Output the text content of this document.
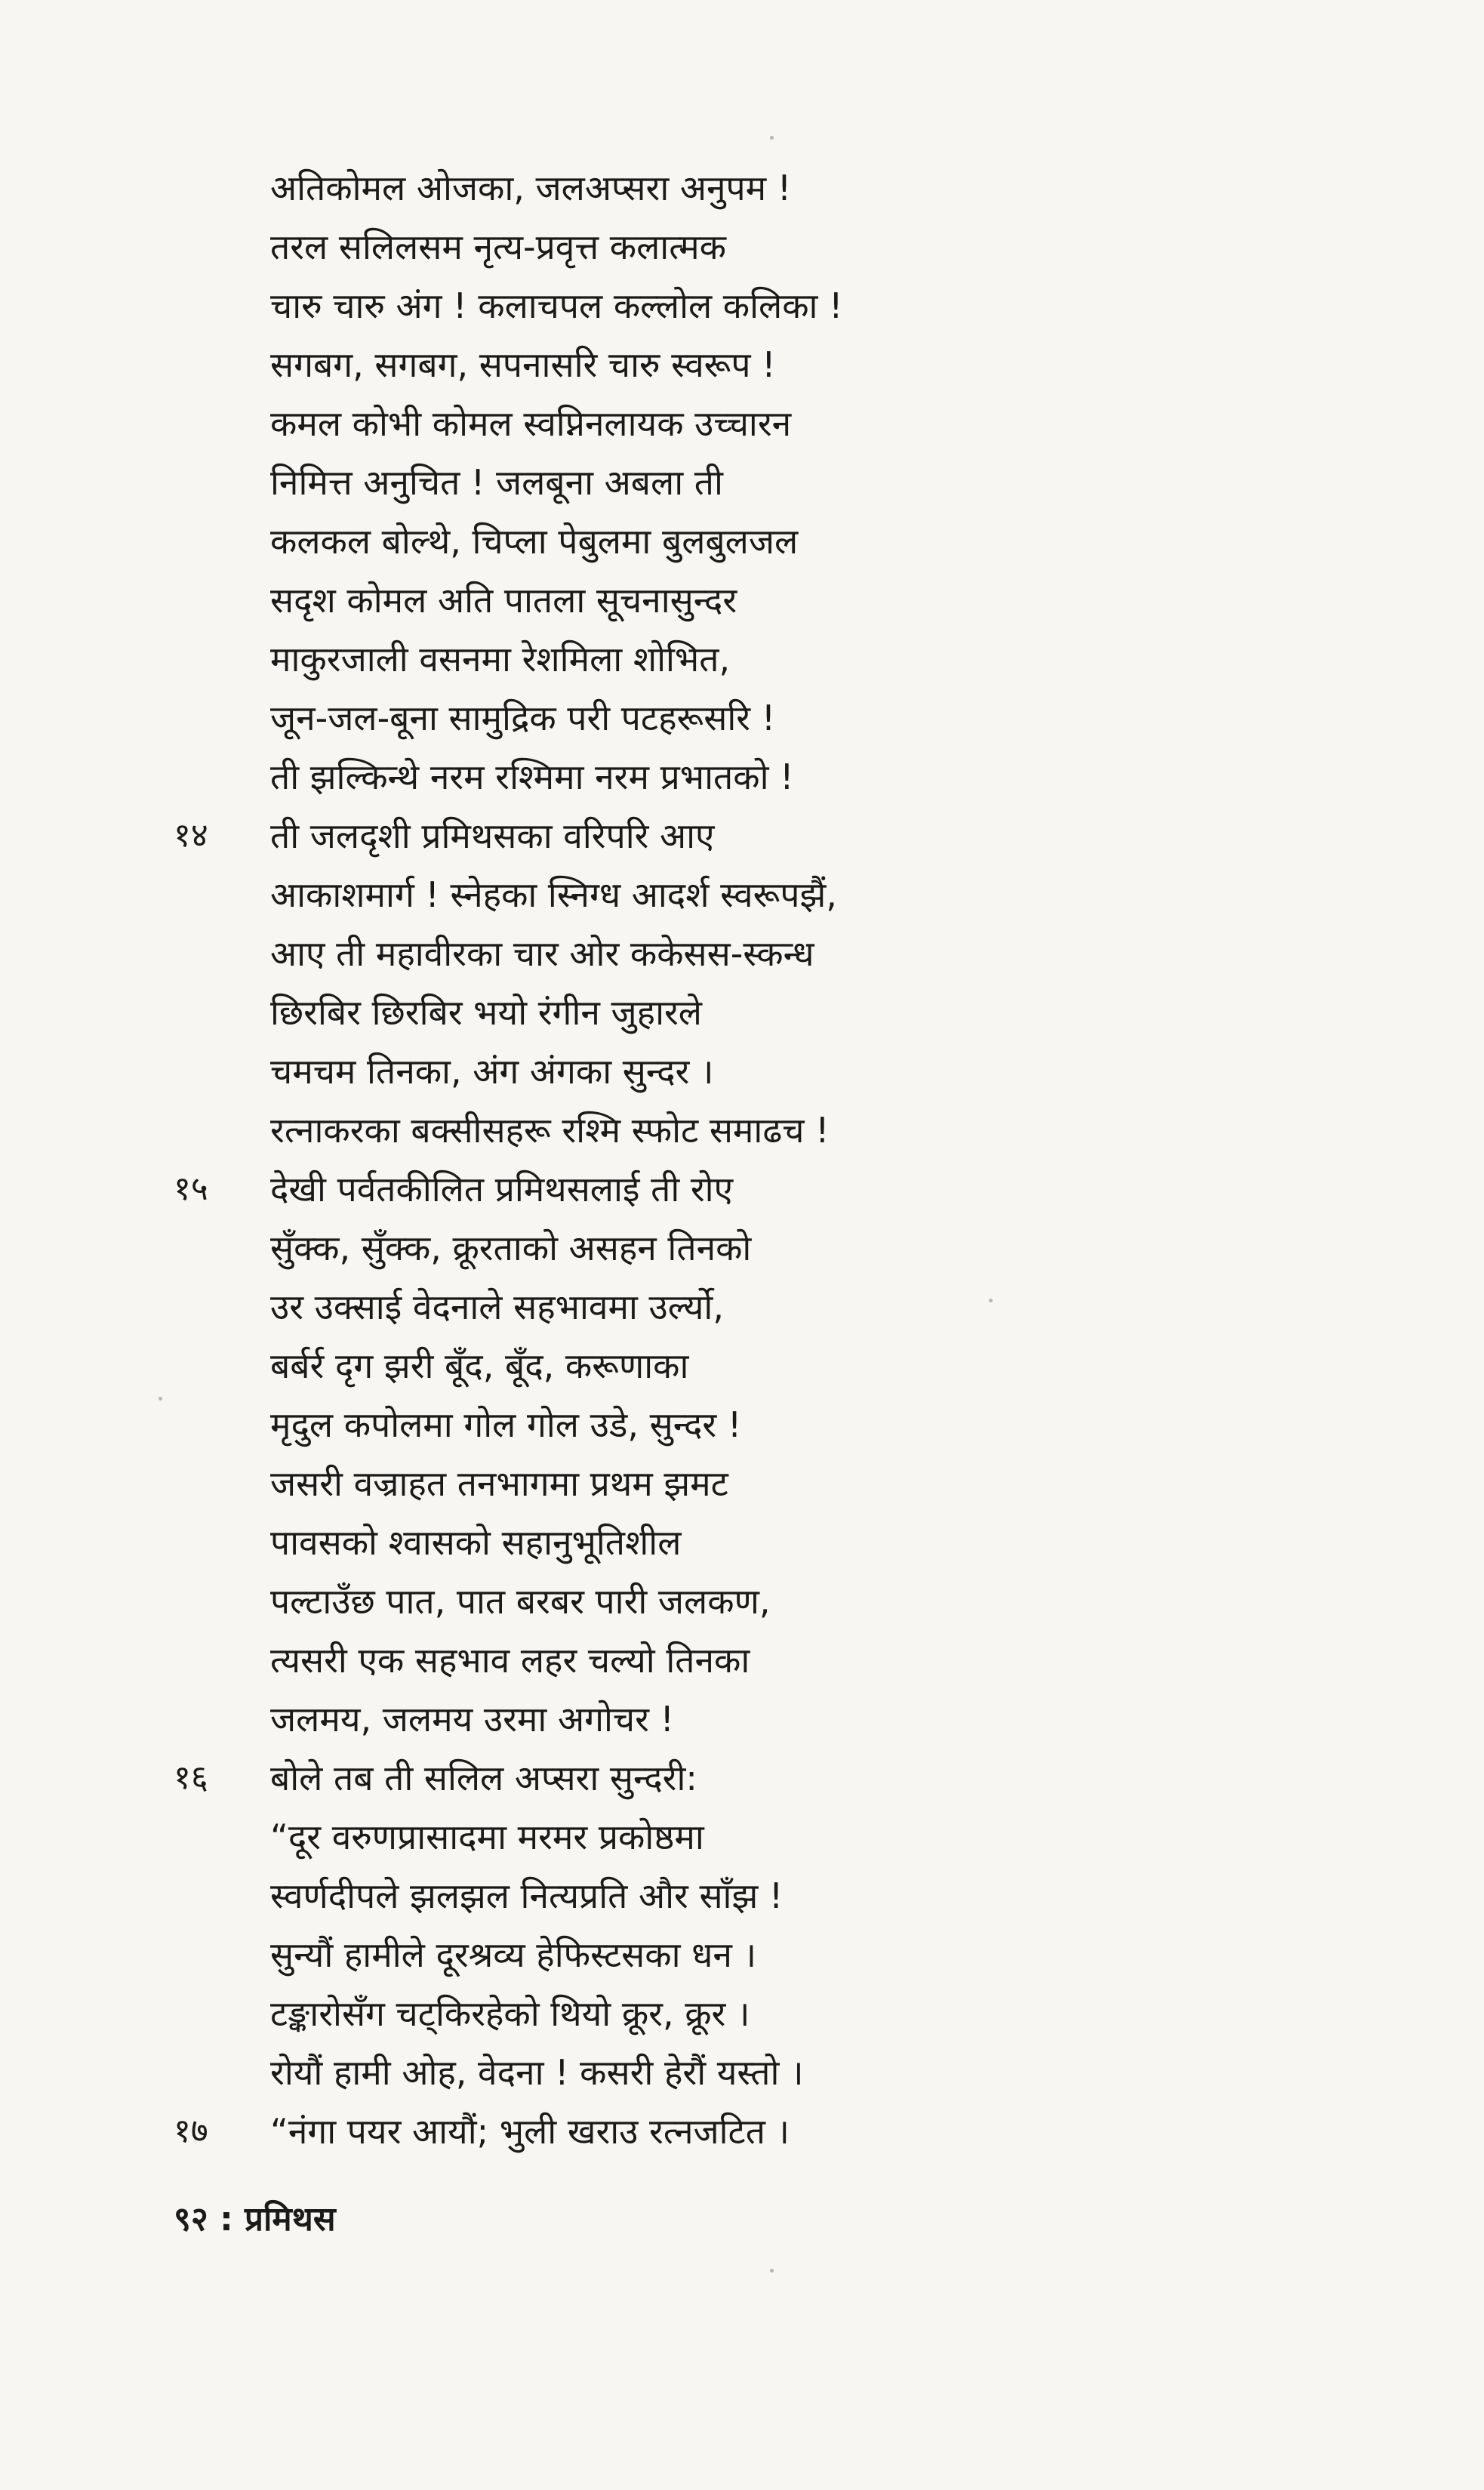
अतिकोमल ओजका, जलअप्सरा अनुपम !
तरल सलिलसम नृत्य-प्रवृत्त कलात्मक
चारु चारु अंग ! कलाचपल कल्लोल कलिका !
सगबग, सगबग, सपनासरि चारु स्वरूप !
कमल कोभी कोमल स्वप्निनलायक उच्चारन
निमित्त अनुचित ! जलबूना अबला ती
कलकल बोल्थे, चिप्ला पेबुलमा बुलबुलजल
सदृश कोमल अति पातला सूचनासुन्दर
माकुरजाली वसनमा रेशमिला शोभित,
जून-जल-बूना सामुद्रिक परी पटहरूसरि !
ती झल्किन्थे नरम रश्मिमा नरम प्रभातको !
१४	ती जलदृशी प्रमिथसका वरिपरि आए
आकाशमार्ग ! स्नेहका स्निग्ध आदर्श स्वरूपझैं,
आए ती महावीरका चार ओर ककेसस-स्कन्ध
छिरबिर छिरबिर भयो रंगीन जुहारले
चमचम तिनका, अंग अंगका सुन्दर ।
रत्नाकरका बक्सीसहरू रश्मि स्फोट समाढच !
१५	देखी पर्वतकीलित प्रमिथसलाई ती रोए
सुँक्क, सुँक्क, क्रूरताको असहन तिनको
उर उक्साई वेदनाले सहभावमा उर्ल्यो,
बर्बर्र दृग झरी बूँद, बूँद, करूणाका
मृदुल कपोलमा गोल गोल उडे, सुन्दर !
जसरी वज्राहत तनभागमा प्रथम झमट
पावसको श्वासको सहानुभूतिशील
पल्टाउँछ पात, पात बरबर पारी जलकण,
त्यसरी एक सहभाव लहर चल्यो तिनका
जलमय, जलमय उरमा अगोचर !
१६	बोले तब ती सलिल अप्सरा सुन्दरी:
“दूर वरुणप्रासादमा मरमर प्रकोष्ठमा
स्वर्णदीपले झलझल नित्यप्रति और साँझ !
सुन्यौं हामीले दूरश्रव्य हेफिस्टसका धन ।
टङ्कारोसँग चट्किरहेको थियो क्रूर, क्रूर ।
रोयौं हामी ओह, वेदना ! कसरी हेरौं यस्तो ।
१७	“नंगा पयर आयौं; भुली खराउ रत्नजटित ।
९२ : प्रमिथस
